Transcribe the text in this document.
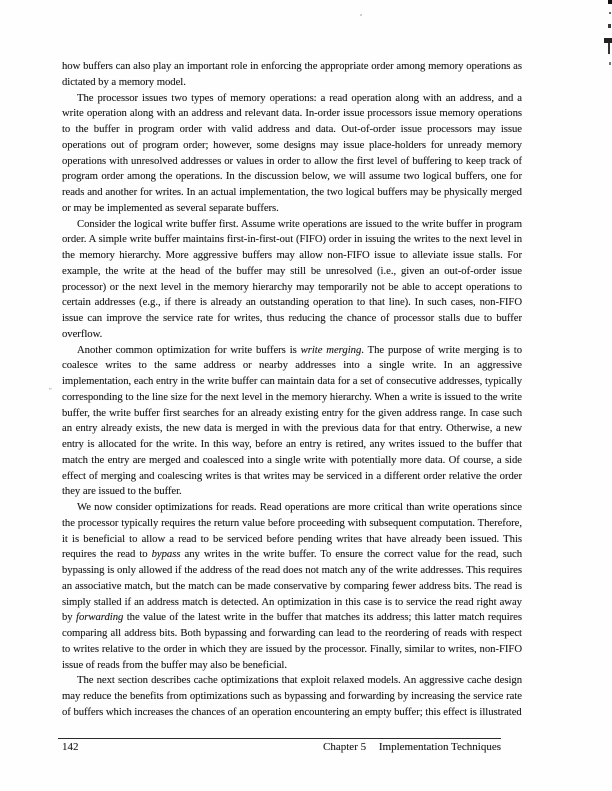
how buffers can also play an important role in enforcing the appropriate order among memory operations as dictated by a memory model.

The processor issues two types of memory operations: a read operation along with an address, and a write operation along with an address and relevant data. In-order issue processors issue memory operations to the buffer in program order with valid address and data. Out-of-order issue processors may issue operations out of program order; however, some designs may issue place-holders for unready memory operations with unresolved addresses or values in order to allow the first level of buffering to keep track of program order among the operations. In the discussion below, we will assume two logical buffers, one for reads and another for writes. In an actual implementation, the two logical buffers may be physically merged or may be implemented as several separate buffers.

Consider the logical write buffer first. Assume write operations are issued to the write buffer in program order. A simple write buffer maintains first-in-first-out (FIFO) order in issuing the writes to the next level in the memory hierarchy. More aggressive buffers may allow non-FIFO issue to alleviate issue stalls. For example, the write at the head of the buffer may still be unresolved (i.e., given an out-of-order issue processor) or the next level in the memory hierarchy may temporarily not be able to accept operations to certain addresses (e.g., if there is already an outstanding operation to that line). In such cases, non-FIFO issue can improve the service rate for writes, thus reducing the chance of processor stalls due to buffer overflow.

Another common optimization for write buffers is write merging. The purpose of write merging is to coalesce writes to the same address or nearby addresses into a single write. In an aggressive implementation, each entry in the write buffer can maintain data for a set of consecutive addresses, typically corresponding to the line size for the next level in the memory hierarchy. When a write is issued to the write buffer, the write buffer first searches for an already existing entry for the given address range. In case such an entry already exists, the new data is merged in with the previous data for that entry. Otherwise, a new entry is allocated for the write. In this way, before an entry is retired, any writes issued to the buffer that match the entry are merged and coalesced into a single write with potentially more data. Of course, a side effect of merging and coalescing writes is that writes may be serviced in a different order relative the order they are issued to the buffer.

We now consider optimizations for reads. Read operations are more critical than write operations since the processor typically requires the return value before proceeding with subsequent computation. Therefore, it is beneficial to allow a read to be serviced before pending writes that have already been issued. This requires the read to bypass any writes in the write buffer. To ensure the correct value for the read, such bypassing is only allowed if the address of the read does not match any of the write addresses. This requires an associative match, but the match can be made conservative by comparing fewer address bits. The read is simply stalled if an address match is detected. An optimization in this case is to service the read right away by forwarding the value of the latest write in the buffer that matches its address; this latter match requires comparing all address bits. Both bypassing and forwarding can lead to the reordering of reads with respect to writes relative to the order in which they are issued by the processor. Finally, similar to writes, non-FIFO issue of reads from the buffer may also be beneficial.

The next section describes cache optimizations that exploit relaxed models. An aggressive cache design may reduce the benefits from optimizations such as bypassing and forwarding by increasing the service rate of buffers which increases the chances of an operation encountering an empty buffer; this effect is illustrated

142	Chapter 5 Implementation Techniques
″
